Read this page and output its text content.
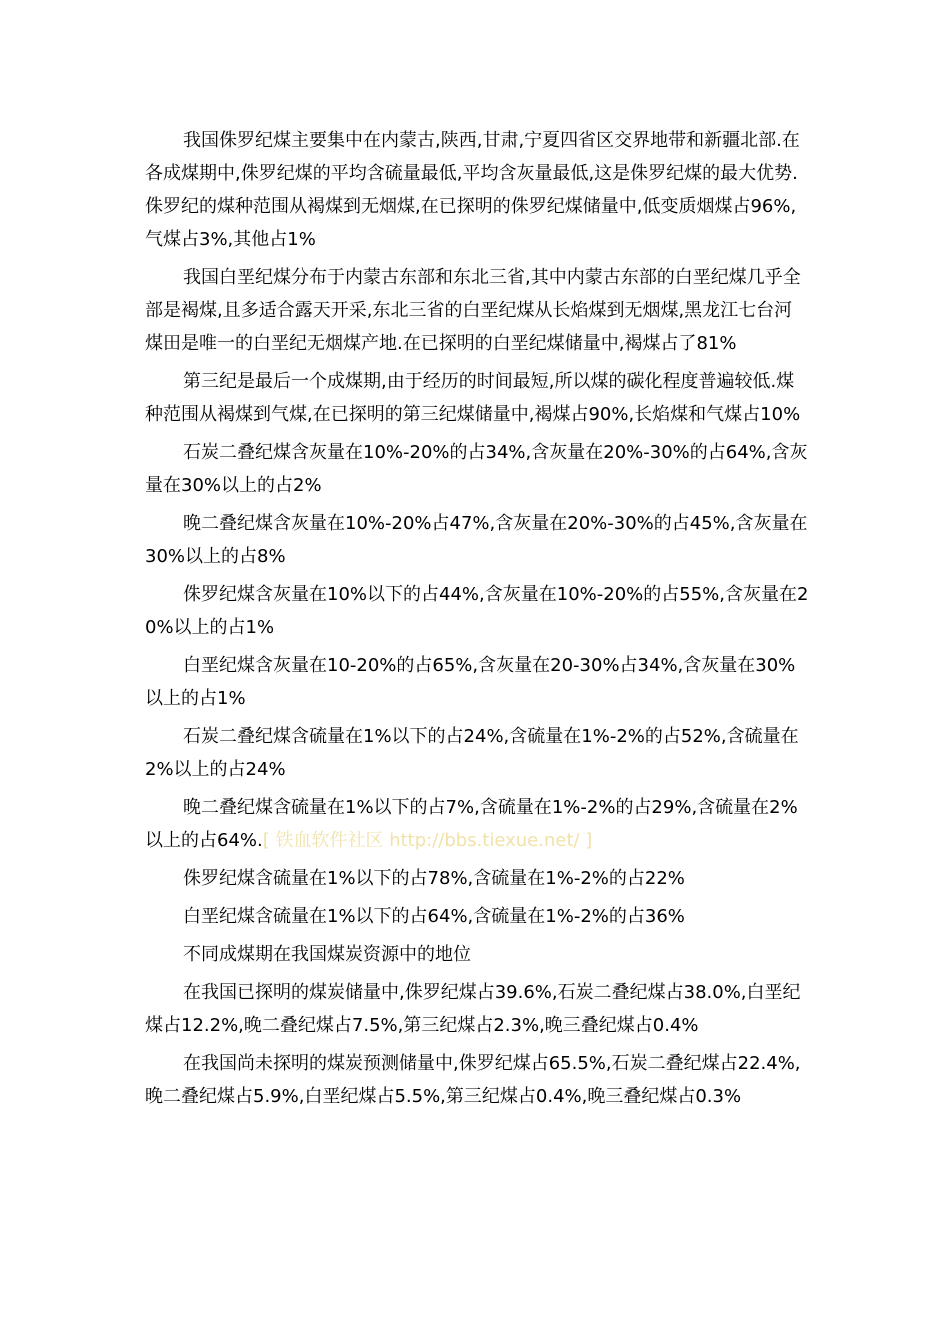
我国侏罗纪煤主要集中在内蒙古,陕西,甘肃,宁夏四省区交界地带和新疆北部.在各成煤期中,侏罗纪煤的平均含硫量最低,平均含灰量最低,这是侏罗纪煤的最大优势.侏罗纪的煤种范围从褐煤到无烟煤,在已探明的侏罗纪煤储量中,低变质烟煤占96%,气煤占3%,其他占1%

我国白垩纪煤分布于内蒙古东部和东北三省,其中内蒙古东部的白垩纪煤几乎全部是褐煤,且多适合露天开采,东北三省的白垩纪煤从长焰煤到无烟煤,黑龙江七台河煤田是唯一的白垩纪无烟煤产地.在已探明的白垩纪煤储量中,褐煤占了81%

第三纪是最后一个成煤期,由于经历的时间最短,所以煤的碳化程度普遍较低.煤种范围从褐煤到气煤,在已探明的第三纪煤储量中,褐煤占90%,长焰煤和气煤占10%

石炭二叠纪煤含灰量在10%-20%的占34%,含灰量在20%-30%的占64%,含灰量在30%以上的占2%

晚二叠纪煤含灰量在10%-20%占47%,含灰量在20%-30%的占45%,含灰量在30%以上的占8%

侏罗纪煤含灰量在10%以下的占44%,含灰量在10%-20%的占55%,含灰量在20%以上的占1%

白垩纪煤含灰量在10-20%的占65%,含灰量在20-30%占34%,含灰量在30%以上的占1%

石炭二叠纪煤含硫量在1%以下的占24%,含硫量在1%-2%的占52%,含硫量在2%以上的占24%

晚二叠纪煤含硫量在1%以下的占7%,含硫量在1%-2%的占29%,含硫量在2%以上的占64%.[ 铁血软件社区 http://bbs.tiexue.net/ ]

侏罗纪煤含硫量在1%以下的占78%,含硫量在1%-2%的占22%

白垩纪煤含硫量在1%以下的占64%,含硫量在1%-2%的占36%

不同成煤期在我国煤炭资源中的地位

在我国已探明的煤炭储量中,侏罗纪煤占39.6%,石炭二叠纪煤占38.0%,白垩纪煤占12.2%,晚二叠纪煤占7.5%,第三纪煤占2.3%,晚三叠纪煤占0.4%

在我国尚未探明的煤炭预测储量中,侏罗纪煤占65.5%,石炭二叠纪煤占22.4%,晚二叠纪煤占5.9%,白垩纪煤占5.5%,第三纪煤占0.4%,晚三叠纪煤占0.3%
